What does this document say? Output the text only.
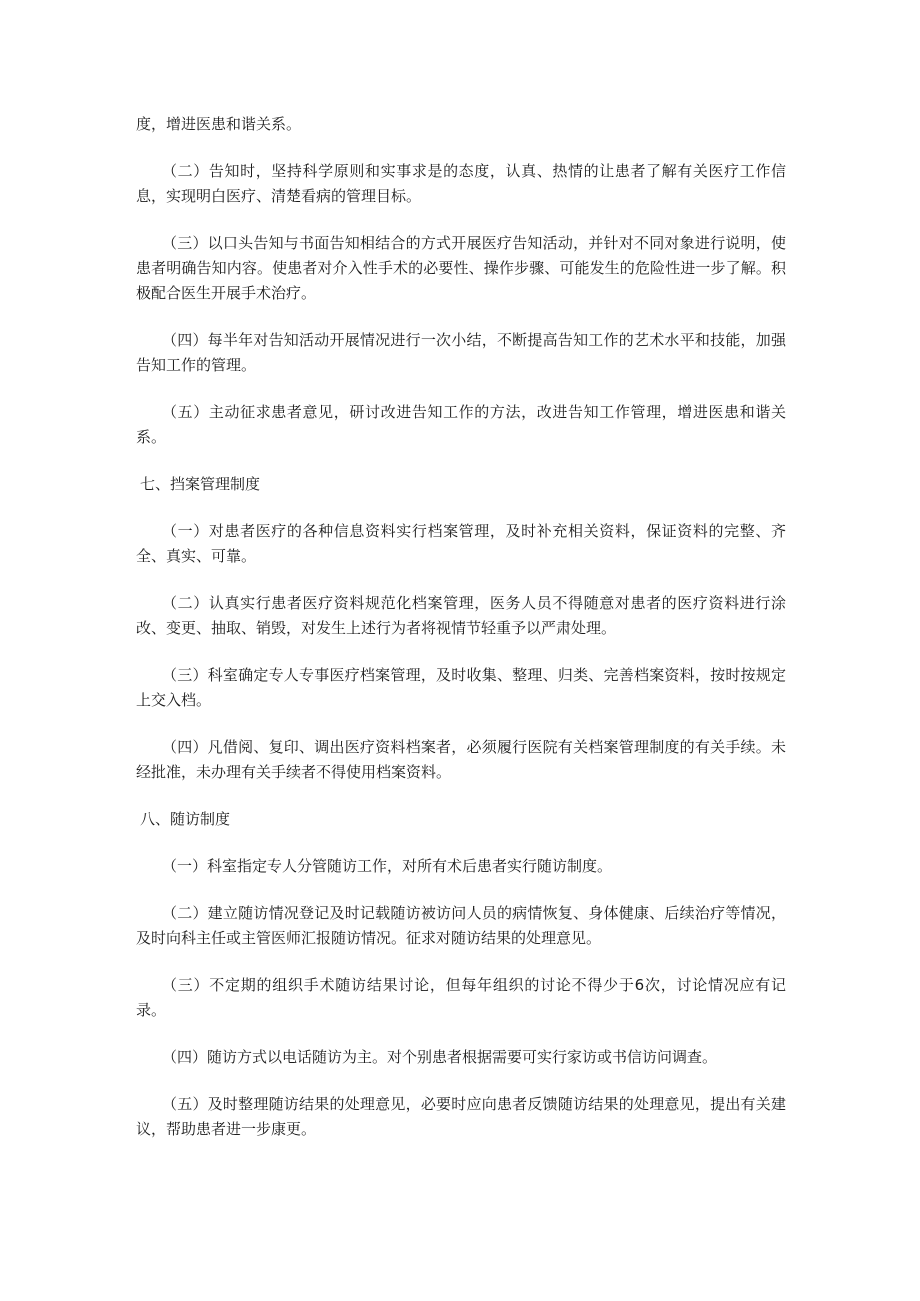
度，增进医患和谐关系。

（二）告知时，坚持科学原则和实事求是的态度，认真、热情的让患者了解有关医疗工作信息，实现明白医疗、清楚看病的管理目标。

（三）以口头告知与书面告知相结合的方式开展医疗告知活动，并针对不同对象进行说明，使患者明确告知内容。使患者对介入性手术的必要性、操作步骤、可能发生的危险性进一步了解。积极配合医生开展手术治疗。

（四）每半年对告知活动开展情况进行一次小结，不断提高告知工作的艺术水平和技能，加强告知工作的管理。

（五）主动征求患者意见，研讨改进告知工作的方法，改进告知工作管理，增进医患和谐关系。

七、挡案管理制度

（一）对患者医疗的各种信息资料实行档案管理，及时补充相关资料，保证资料的完整、齐全、真实、可靠。

（二）认真实行患者医疗资料规范化档案管理，医务人员不得随意对患者的医疗资料进行涂改、变更、抽取、销毁，对发生上述行为者将视情节轻重予以严肃处理。

（三）科室确定专人专事医疗档案管理，及时收集、整理、归类、完善档案资料，按时按规定上交入档。

（四）凡借阅、复印、调出医疗资料档案者，必须履行医院有关档案管理制度的有关手续。未经批准，未办理有关手续者不得使用档案资料。

八、随访制度

（一）科室指定专人分管随访工作，对所有术后患者实行随访制度。

（二）建立随访情况登记及时记载随访被访问人员的病情恢复、身体健康、后续治疗等情况，及时向科主任或主管医师汇报随访情况。征求对随访结果的处理意见。

（三）不定期的组织手术随访结果讨论，但每年组织的讨论不得少于6次，讨论情况应有记录。

（四）随访方式以电话随访为主。对个别患者根据需要可实行家访或书信访问调查。

（五）及时整理随访结果的处理意见，必要时应向患者反馈随访结果的处理意见，提出有关建议，帮助患者进一步康更。
